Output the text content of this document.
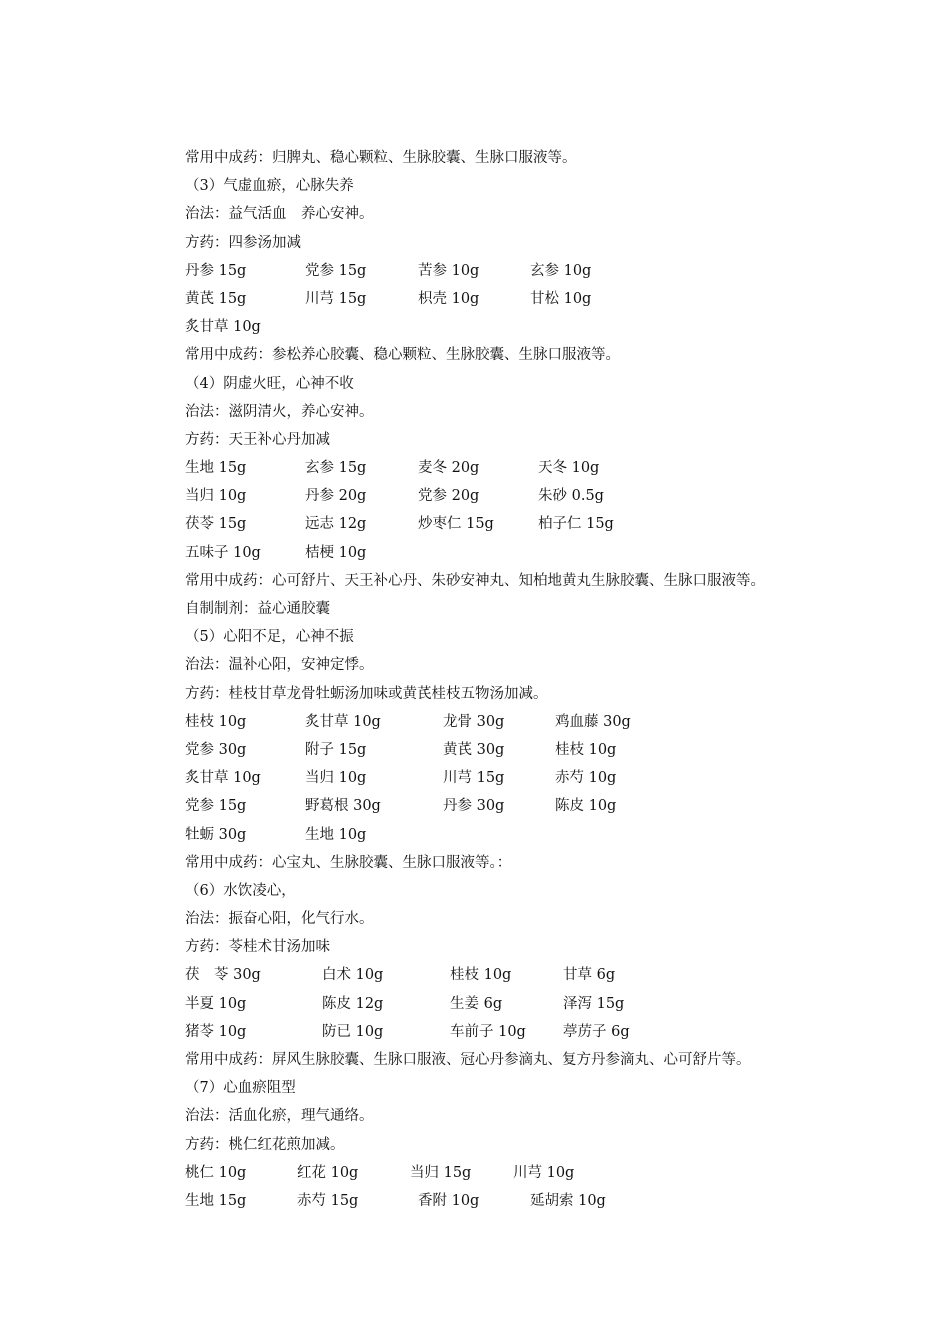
常用中成药：归脾丸、稳心颗粒、生脉胶囊、生脉口服液等。
（3）气虚血瘀，心脉失养
治法：益气活血　养心安神。
方药：四参汤加减
丹参 15g	党参 15g	苦参 10g	玄参 10g
黄芪 15g	川芎 15g	枳壳 10g	甘松 10g
炙甘草 10g
常用中成药：参松养心胶囊、稳心颗粒、生脉胶囊、生脉口服液等。
（4）阴虚火旺，心神不收
治法：滋阴清火，养心安神。
方药：天王补心丹加减
生地 15g	玄参 15g	麦冬 20g	天冬 10g
当归 10g	丹参 20g	党参 20g	朱砂 0.5g
茯苓 15g	远志 12g	炒枣仁 15g	柏子仁 15g
五味子 10g	桔梗 10g
常用中成药：心可舒片、天王补心丹、朱砂安神丸、知柏地黄丸生脉胶囊、生脉口服液等。
自制制剂：益心通胶囊
（5）心阳不足，心神不振
治法：温补心阳，安神定悸。
方药：桂枝甘草龙骨牡蛎汤加味或黄芪桂枝五物汤加减。
桂枝 10g	炙甘草 10g	龙骨 30g	鸡血藤 30g
党参 30g	附子 15g	黄芪 30g	桂枝 10g
炙甘草 10g	当归 10g	川芎 15g	赤芍 10g
党参 15g	野葛根 30g	丹参 30g	陈皮 10g
牡蛎 30g	生地 10g
常用中成药：心宝丸、生脉胶囊、生脉口服液等。：
（6）水饮凌心，
治法：振奋心阳，化气行水。
方药：苓桂术甘汤加味
茯　苓 30g	白术 10g	桂枝 10g	甘草 6g
半夏 10g	陈皮 12g	生姜 6g	泽泻 15g
猪苓 10g	防已 10g	车前子 10g	葶苈子 6g
常用中成药：屏风生脉胶囊、生脉口服液、冠心丹参滴丸、复方丹参滴丸、心可舒片等。
（7）心血瘀阻型
治法：活血化瘀，理气通络。
方药：桃仁红花煎加减。
桃仁 10g	红花 10g	当归 15g	川芎 10g
生地 15g	赤芍 15g	香附 10g	延胡索 10g
